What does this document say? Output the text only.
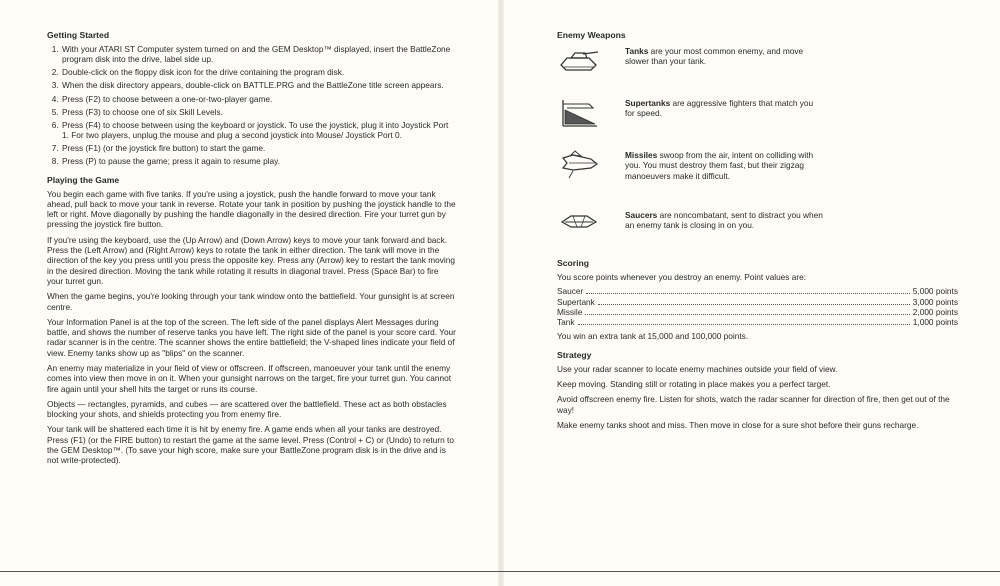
Getting Started
1. With your ATARI ST Computer system turned on and the GEM Desktop™ displayed, insert the BattleZone program disk into the drive, label side up.
2. Double-click on the floppy disk icon for the drive containing the program disk.
3. When the disk directory appears, double-click on BATTLE.PRG and the BattleZone title screen appears.
4. Press (F2) to choose between a one-or-two-player game.
5. Press (F3) to choose one of six Skill Levels.
6. Press (F4) to choose between using the keyboard or joystick. To use the joystick, plug it into Joystick Port 1. For two players, unplug the mouse and plug a second joystick into Mouse/ Joystick Port 0.
7. Press (F1) (or the joystick fire button) to start the game.
8. Press (P) to pause the game; press it again to resume play.
Playing the Game

You begin each game with five tanks. If you're using a joystick, push the handle forward to move your tank ahead, pull back to move your tank in reverse. Rotate your tank in position by pushing the joystick handle to the left or right. Move diagonally by pushing the handle diagonally in the desired direction. Fire your turret gun by pressing the joystick fire button.

If you're using the keyboard, use the (Up Arrow) and (Down Arrow) keys to move your tank forward and back. Press the (Left Arrow) and (Right Arrow) keys to rotate the tank in either direction. The tank will move in the direction of the key you press until you press the opposite key. Press any (Arrow) key to restart the tank moving in the desired direction. Moving the tank while rotating it results in diagonal travel. Press (Space Bar) to fire your turret gun.

When the game begins, you're looking through your tank window onto the battlefield. Your gunsight is at screen centre.

Your Information Panel is at the top of the screen. The left side of the panel displays Alert Messages during battle, and shows the number of reserve tanks you have left. The right side of the panel is your score card. Your radar scanner is in the centre. The scanner shows the entire battlefield; the V-shaped lines indicate your field of view. Enemy tanks show up as "blips" on the scanner.

An enemy may materialize in your field of view or offscreen. If offscreen, manoeuver your tank until the enemy comes into view then move in on it. When your gunsight narrows on the target, fire your turret gun. You cannot fire again until your shell hits the target or runs its course.

Objects — rectangles, pyramids, and cubes — are scattered over the battlefield. These act as both obstacles blocking your shots, and shields protecting you from enemy fire.

Your tank will be shattered each time it is hit by enemy fire. A game ends when all your tanks are destroyed. Press (F1) (or the FIRE button) to restart the game at the same level. Press (Control + C) or (Undo) to return to the GEM Desktop™. (To save your high score, make sure your BattleZone program disk is in the drive and is not write-protected).

Enemy Weapons

Tanks are your most common enemy, and move slower than your tank.

Supertanks are aggressive fighters that match you for speed.

Missiles swoop from the air, intent on colliding with you. You must destroy them fast, but their zigzag manoeuvers make it difficult.

Saucers are noncombatant, sent to distract you when an enemy tank is closing in on you.

Scoring

You score points whenever you destroy an enemy. Point values are:

Saucer	5,000 points
Supertank	3,000 points
Missile	2,000 points
Tank	1,000 points

You win an extra tank at 15,000 and 100,000 points.

Strategy

Use your radar scanner to locate enemy machines outside your field of view.

Keep moving. Standing still or rotating in place makes you a perfect target.

Avoid offscreen enemy fire. Listen for shots, watch the radar scanner for direction of fire, then get out of the way!

Make enemy tanks shoot and miss. Then move in close for a sure shot before their guns recharge.
